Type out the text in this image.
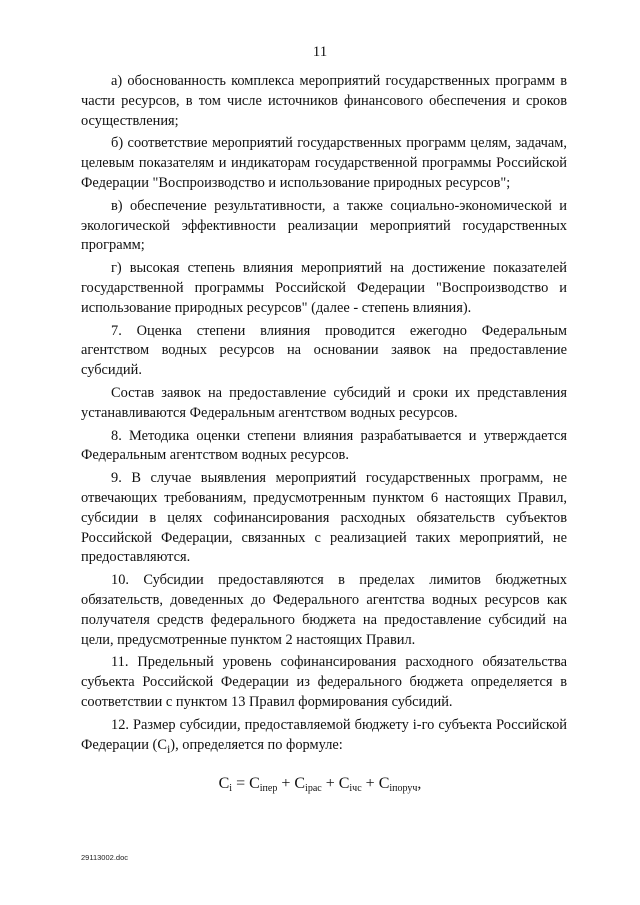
11

а) обоснованность комплекса мероприятий государственных программ в части ресурсов, в том числе источников финансового обеспечения и сроков осуществления;

б) соответствие мероприятий государственных программ целям, задачам, целевым показателям и индикаторам государственной программы Российской Федерации "Воспроизводство и использование природных ресурсов";

в) обеспечение результативности, а также социально-экономической и экологической эффективности реализации мероприятий государственных программ;

г) высокая степень влияния мероприятий на достижение показателей государственной программы Российской Федерации "Воспроизводство и использование природных ресурсов" (далее - степень влияния).

7. Оценка степени влияния проводится ежегодно Федеральным агентством водных ресурсов на основании заявок на предоставление субсидий.

Состав заявок на предоставление субсидий и сроки их представления устанавливаются Федеральным агентством водных ресурсов.

8. Методика оценки степени влияния разрабатывается и утверждается Федеральным агентством водных ресурсов.

9. В случае выявления мероприятий государственных программ, не отвечающих требованиям, предусмотренным пунктом 6 настоящих Правил, субсидии в целях софинансирования расходных обязательств субъектов Российской Федерации, связанных с реализацией таких мероприятий, не предоставляются.

10. Субсидии предоставляются в пределах лимитов бюджетных обязательств, доведенных до Федерального агентства водных ресурсов как получателя средств федерального бюджета на предоставление субсидий на цели, предусмотренные пунктом 2 настоящих Правил.

11. Предельный уровень софинансирования расходного обязательства субъекта Российской Федерации из федерального бюджета определяется в соответствии с пунктом 13 Правил формирования субсидий.

12. Размер субсидии, предоставляемой бюджету i-го субъекта Российской Федерации $(C_i)$, определяется по формуле:

$C_i = C_{iпер} + C_{iрас} + C_{iчс} + C_{iпоруч}$,
29113002.doc
